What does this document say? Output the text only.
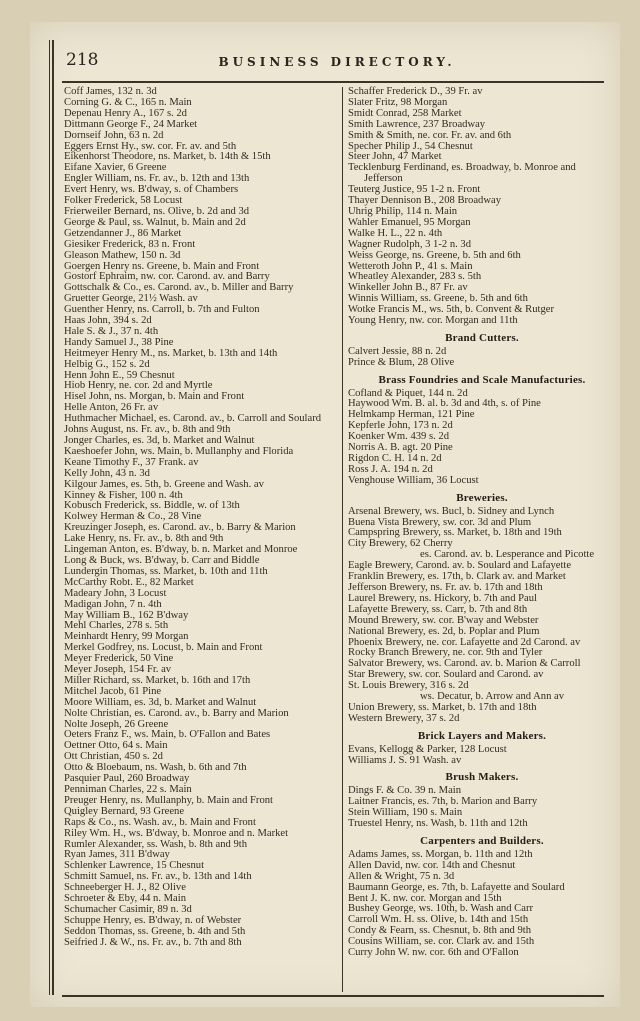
218	BUSINESS DIRECTORY.
Coff James, 132 n. 3d
Corning G. & C., 165 n. Main
Depenau Henry A., 167 s. 2d
Dittmann George F., 24 Market
Dornseif John, 63 n. 2d
Eggers Ernst Hy., sw. cor. Fr. av. and 5th
Eikenhorst Theodore, ns. Market, b. 14th & 15th
Eifane Xavier, 6 Greene
Engler William, ns. Fr. av., b. 12th and 13th
Evert Henry, ws. B'dway, s. of Chambers
Folker Frederick, 58 Locust
Frierweiler Bernard, ns. Olive, b. 2d and 3d
George & Paul, ss. Walnut, b. Main and 2d
Getzendanner J., 86 Market
Giesiker Frederick, 83 n. Front
Gleason Mathew, 150 n. 3d
Goergen Henry ns. Greene, b. Main and Front
Gostorf Ephraim, nw. cor. Carond. av. and Barry
Gottschalk & Co., es. Carond. av., b. Miller and Barry
Gruetter George, 21½ Wash. av
Guenther Henry, ns. Carroll, b. 7th and Fulton
Haas John, 394 s. 2d
Hale S. & J., 37 n. 4th
Handy Samuel J., 38 Pine
Heitmeyer Henry M., ns. Market, b. 13th and 14th
Helbig G., 152 s. 2d
Henn John E., 59 Chesnut
Hiob Henry, ne. cor. 2d and Myrtle
Hisel John, ns. Morgan, b. Main and Front
Helle Anton, 26 Fr. av
Huthmacher Michael, es. Carond. av., b. Carroll and Soulard
Johns August, ns. Fr. av., b. 8th and 9th
Jonger Charles, es. 3d, b. Market and Walnut
Kaeshoefer John, ws. Main, b. Mullanphy and Florida
Keane Timothy F., 37 Frank. av
Kelly John, 43 n. 3d
Kilgour James, es. 5th, b. Greene and Wash. av
Kinney & Fisher, 100 n. 4th
Kobusch Frederick, ss. Biddle, w. of 13th
Kolwey Herman & Co., 28 Vine
Kreuzinger Joseph, es. Carond. av., b. Barry & Marion
Lake Henry, ns. Fr. av., b. 8th and 9th
Lingeman Anton, es. B'dway, b. n. Market and Monroe
Long & Buck, ws. B'dway, b. Carr and Biddle
Lundergin Thomas, ss. Market, b. 10th and 11th
McCarthy Robt. E., 82 Market
Madeary John, 3 Locust
Madigan John, 7 n. 4th
May William B., 162 B'dway
Mehl Charles, 278 s. 5th
Meinhardt Henry, 99 Morgan
Merkel Godfrey, ns. Locust, b. Main and Front
Meyer Frederick, 50 Vine
Meyer Joseph, 154 Fr. av
Miller Richard, ss. Market, b. 16th and 17th
Mitchel Jacob, 61 Pine
Moore William, es. 3d, b. Market and Walnut
Nolte Christian, es. Carond. av., b. Barry and Marion
Nolte Joseph, 26 Greene
Oeters Franz F., ws. Main, b. O'Fallon and Bates
Oettner Otto, 64 s. Main
Ott Christian, 450 s. 2d
Otto & Bloebaum, ns. Wash, b. 6th and 7th
Pasquier Paul, 260 Broadway
Penniman Charles, 22 s. Main
Preuger Henry, ns. Mullanphy, b. Main and Front
Quigley Bernard, 93 Greene
Raps & Co., ns. Wash. av., b. Main and Front
Riley Wm. H., ws. B'dway, b. Monroe and n. Market
Rumler Alexander, ss. Wash, b. 8th and 9th
Ryan James, 311 B'dway
Schlenker Lawrence, 15 Chesnut
Schmitt Samuel, ns. Fr. av., b. 13th and 14th
Schneeberger H. J., 82 Olive
Schroeter & Eby, 44 n. Main
Schumacher Casimir, 89 n. 3d
Schuppe Henry, es. B'dway, n. of Webster
Seddon Thomas, ss. Greene, b. 4th and 5th
Seifried J. & W., ns. Fr. av., b. 7th and 8th
Schaffer Frederick D., 39 Fr. av
Slater Fritz, 98 Morgan
Smidt Conrad, 258 Market
Smith Lawrence, 237 Broadway
Smith & Smith, ne. cor. Fr. av. and 6th
Specher Philip J., 54 Chesnut
Steer John, 47 Market
Tecklenburg Ferdinand, es. Broadway, b. Monroe and Jefferson
Teuterg Justice, 95 1-2 n. Front
Thayer Dennison B., 208 Broadway
Uhrig Philip, 114 n. Main
Wahler Emanuel, 95 Morgan
Walke H. L., 22 n. 4th
Wagner Rudolph, 3 1-2 n. 3d
Weiss George, ns. Greene, b. 5th and 6th
Wetteroth John P., 41 s. Main
Wheatley Alexander, 283 s. 5th
Winkeller John B., 87 Fr. av
Winnis William, ss. Greene, b. 5th and 6th
Wotke Francis M., ws. 5th, b. Convent & Rutger
Young Henry, nw. cor. Morgan and 11th
Brand Cutters.
Calvert Jessie, 88 n. 2d
Prince & Blum, 28 Olive
Brass Foundries and Scale Manufacturies.
Cofland & Piquet, 144 n. 2d
Haywood Wm. B. al. b. 3d and 4th, s. of Pine
Helmkamp Herman, 121 Pine
Kepferle John, 173 n. 2d
Koenker Wm. 439 s. 2d
Norris A. B. agt. 20 Pine
Rigdon C. H. 14 n. 2d
Ross J. A. 194 n. 2d
Venghouse William, 36 Locust
Breweries.
Arsenal Brewery, ws. Bucl, b. Sidney and Lynch
Buena Vista Brewery, sw. cor. 3d and Plum
Campspring Brewery, ss. Market, b. 18th and 19th
City Brewery, 62 Cherry
es. Carond. av. b. Lesperance and Picotte
Eagle Brewery, Carond. av. b. Soulard and Lafayette
Franklin Brewery, es. 17th, b. Clark av. and Market
Jefferson Brewery, ns. Fr. av. b. 17th and 18th
Laurel Brewery, ns. Hickory, b. 7th and Paul
Lafayette Brewery, ss. Carr, b. 7th and 8th
Mound Brewery, sw. cor. B'way and Webster
National Brewery, es. 2d, b. Poplar and Plum
Phoenix Brewery, ne. cor. Lafayette and 2d Carond. av
Rocky Branch Brewery, ne. cor. 9th and Tyler
Salvator Brewery, ws. Carond. av. b. Marion & Carroll
Star Brewery, sw. cor. Soulard and Carond. av
St. Louis Brewery, 316 s. 2d
ws. Decatur, b. Arrow and Ann av
Union Brewery, ss. Market, b. 17th and 18th
Western Brewery, 37 s. 2d
Brick Layers and Makers.
Evans, Kellogg & Parker, 128 Locust
Williams J. S. 91 Wash. av
Brush Makers.
Dings F. & Co. 39 n. Main
Laitner Francis, es. 7th, b. Marion and Barry
Stein William, 190 s. Main
Truestel Henry, ns. Wash, b. 11th and 12th
Carpenters and Builders.
Adams James, ss. Morgan, b. 11th and 12th
Allen David, nw. cor. 14th and Chesnut
Allen & Wright, 75 n. 3d
Baumann George, es. 7th, b. Lafayette and Soulard
Bent J. K. nw. cor. Morgan and 15th
Bushey George, ws. 10th, b. Wash and Carr
Carroll Wm. H. ss. Olive, b. 14th and 15th
Condy & Fearn, ss. Chesnut, b. 8th and 9th
Cousins William, se. cor. Clark av. and 15th
Curry John W. nw. cor. 6th and O'Fallon
